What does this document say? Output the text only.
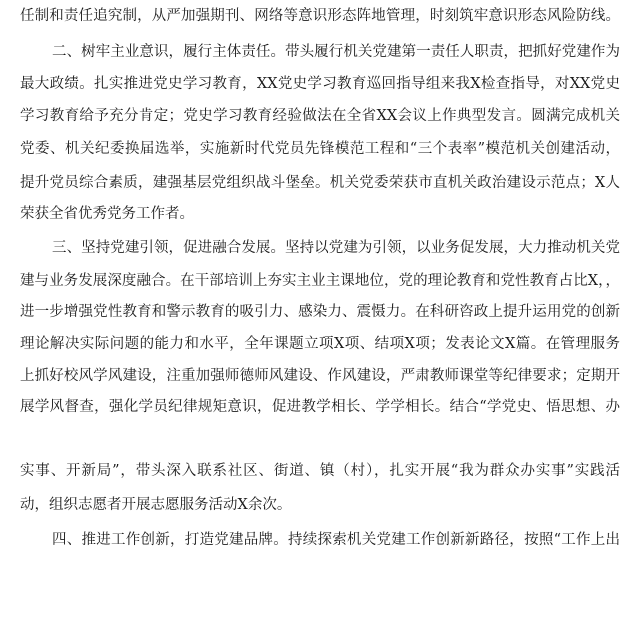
任制和责任追究制，从严加强期刊、网络等意识形态阵地管理，时刻筑牢意识形态风险防线。
二、树牢主业意识，履行主体责任。带头履行机关党建第一责任人职责，把抓好党建作为
最大政绩。扎实推进党史学习教育，XX党史学习教育巡回指导组来我X检查指导，对XX党史
学习教育给予充分肯定；党史学习教育经验做法在全省XX会议上作典型发言。圆满完成机关
党委、机关纪委换届选举，实施新时代党员先锋模范工程和“三个表率”模范机关创建活动，
提升党员综合素质，建强基层党组织战斗堡垒。机关党委荣获市直机关政治建设示范点；X人
荣获全省优秀党务工作者。
三、坚持党建引领，促进融合发展。坚持以党建为引领，以业务促发展，大力推动机关党
建与业务发展深度融合。在干部培训上夯实主业主课地位，党的理论教育和党性教育占比X，，
进一步增强党性教育和警示教育的吸引力、感染力、震慑力。在科研咨政上提升运用党的创新
理论解决实际问题的能力和水平，全年课题立项X项、结项X项；发表论文X篇。在管理服务
上抓好校风学风建设，注重加强师德师风建设、作风建设，严肃教师课堂等纪律要求；定期开
展学风督查，强化学员纪律规矩意识，促进教学相长、学学相长。结合“学党史、悟思想、办
实事、开新局”，带头深入联系社区、街道、镇（村），扎实开展“我为群众办实事”实践活
动，组织志愿者开展志愿服务活动X余次。
四、推进工作创新，打造党建品牌。持续探索机关党建工作创新新路径，按照“工作上出
